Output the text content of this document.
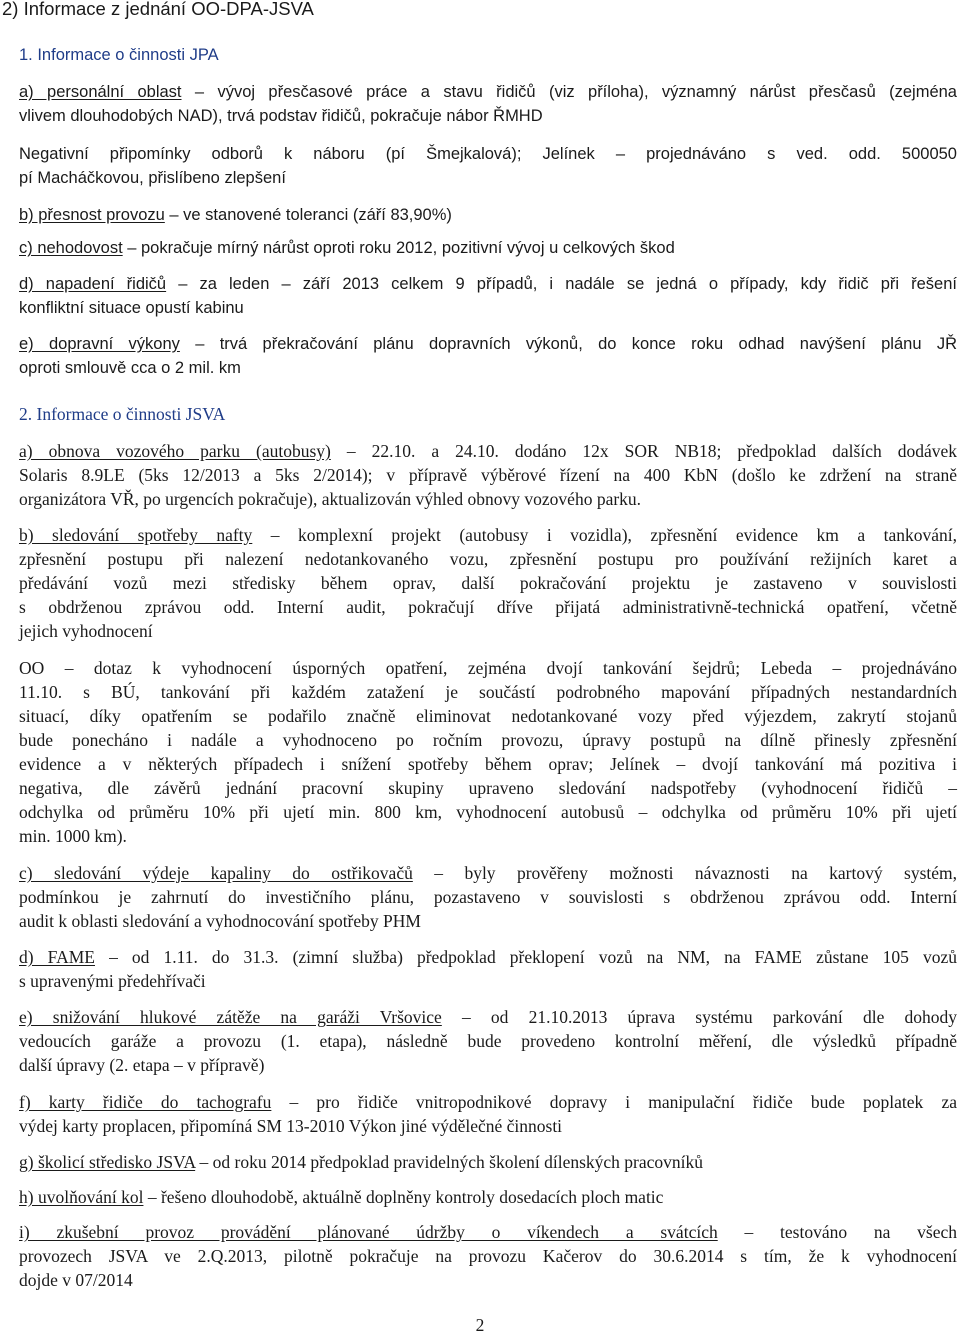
2) Informace z jednání OO-DPA-JSVA
1. Informace o činnosti JPA
a) personální oblast – vývoj přesčasové práce a stavu řidičů (viz příloha), významný nárůst přesčasů (zejména
vlivem dlouhodobých NAD), trvá podstav řidičů, pokračuje nábor ŘMHD
Negativní připomínky odborů k náboru (pí Šmejkalová); Jelínek – projednáváno s ved. odd. 500050
pí Macháčkovou, přislíbeno zlepšení
b) přesnost provozu – ve stanovené toleranci (září 83,90%)
c) nehodovost – pokračuje mírný nárůst oproti roku 2012, pozitivní vývoj u celkových škod
d) napadení řidičů – za leden – září 2013 celkem 9 případů, i nadále se jedná o případy, kdy řidič při řešení
konfliktní situace opustí kabinu
e) dopravní výkony – trvá překračování plánu dopravních výkonů, do konce roku odhad navýšení plánu JŘ
oproti smlouvě cca o 2 mil. km
2. Informace o činnosti JSVA
a) obnova vozového parku (autobusy) – 22.10. a 24.10. dodáno 12x SOR NB18; předpoklad dalších dodávek
Solaris 8.9LE (5ks 12/2013 a 5ks 2/2014); v přípravě výběrové řízení na 400 KbN (došlo ke zdržení na straně
organizátora VŘ, po urgencích pokračuje), aktualizován výhled obnovy vozového parku.
b) sledování spotřeby nafty – komplexní projekt (autobusy i vozidla), zpřesnění evidence km a tankování,
zpřesnění postupu při nalezení nedotankovaného vozu, zpřesnění postupu pro používání režijních karet a
předávání vozů mezi středisky během oprav, další pokračování projektu je zastaveno v souvislosti
s obdrženou zprávou odd. Interní audit, pokračují dříve přijatá administrativně-technická opatření, včetně
jejich vyhodnocení
OO – dotaz k vyhodnocení úsporných opatření, zejména dvojí tankování šejdrů; Lebeda – projednáváno
11.10. s BÚ, tankování při každém zatažení je součástí podrobného mapování případných nestandardních
situací, díky opatřením se podařilo značně eliminovat nedotankované vozy před výjezdem, zakrytí stojanů
bude ponecháno i nadále a vyhodnoceno po ročním provozu, úpravy postupů na dílně přinesly zpřesnění
evidence a v některých případech i snížení spotřeby během oprav; Jelínek – dvojí tankování má pozitiva i
negativa, dle závěrů jednání pracovní skupiny upraveno sledování nadspotřeby (vyhodnocení řidičů –
odchylka od průměru 10% při ujetí min. 800 km, vyhodnocení autobusů – odchylka od průměru 10% při ujetí
min. 1000 km).
c) sledování výdeje kapaliny do ostřikovačů – byly prověřeny možnosti návaznosti na kartový systém,
podmínkou je zahrnutí do investičního plánu, pozastaveno v souvislosti s obdrženou zprávou odd. Interní
audit k oblasti sledování a vyhodnocování spotřeby PHM
d) FAME – od 1.11. do 31.3. (zimní služba) předpoklad překlopení vozů na NM, na FAME zůstane 105 vozů
s upravenými předehřívači
e) snižování hlukové zátěže na garáži Vršovice – od 21.10.2013 úprava systému parkování dle dohody
vedoucích garáže a provozu (1. etapa), následně bude provedeno kontrolní měření, dle výsledků případně
další úpravy (2. etapa – v přípravě)
f) karty řidiče do tachografu – pro řidiče vnitropodnikové dopravy i manipulační řidiče bude poplatek za
výdej karty proplacen, připomíná SM 13-2010 Výkon jiné výdělečné činnosti
g) školicí středisko JSVA – od roku 2014 předpoklad pravidelných školení dílenských pracovníků
h) uvolňování kol – řešeno dlouhodobě, aktuálně doplněny kontroly dosedacích ploch matic
i) zkušební provoz provádění plánované údržby o víkendech a svátcích – testováno na všech
provozech JSVA ve 2.Q.2013, pilotně pokračuje na provozu Kačerov do 30.6.2014 s tím, že k vyhodnocení
dojde v 07/2014
2
